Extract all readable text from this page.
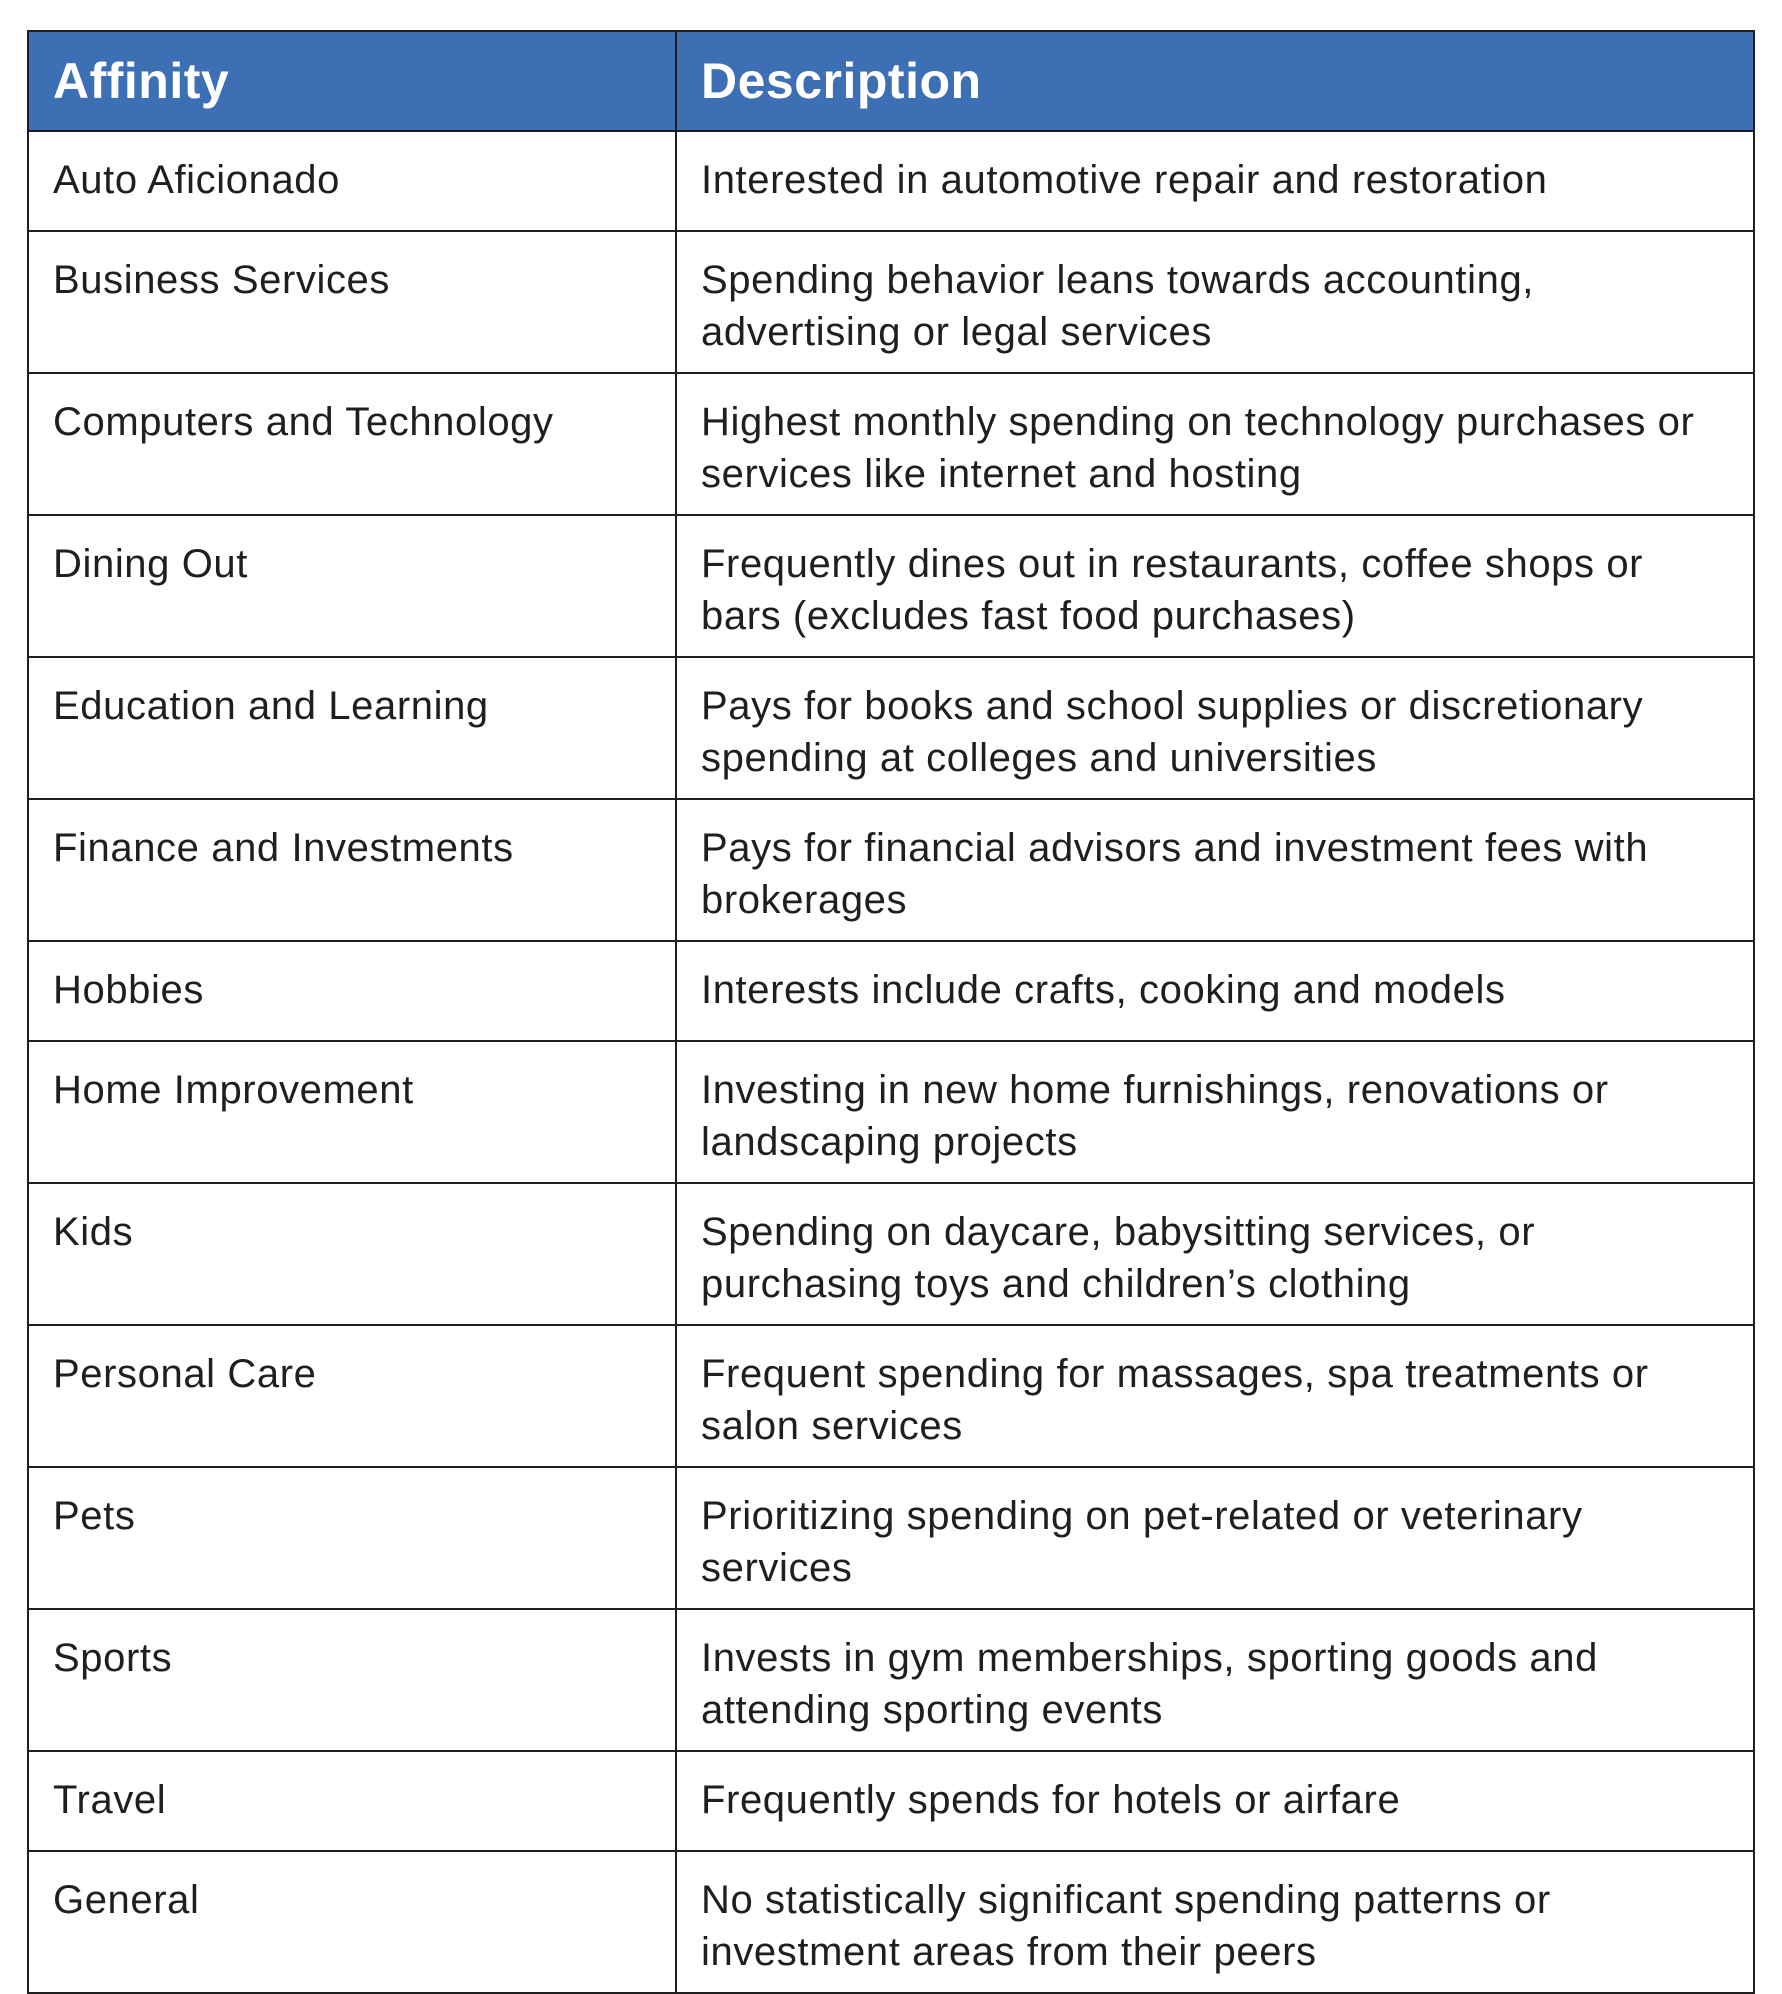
Affinity	Description
Auto Aficionado	Interested in automotive repair and restoration
Business Services	Spending behavior leans towards accounting, advertising or legal services
Computers and Technology	Highest monthly spending on technology purchases or services like internet and hosting
Dining Out	Frequently dines out in restaurants, coffee shops or bars (excludes fast food purchases)
Education and Learning	Pays for books and school supplies or discretionary spending at colleges and universities
Finance and Investments	Pays for financial advisors and investment fees with brokerages
Hobbies	Interests include crafts, cooking and models
Home Improvement	Investing in new home furnishings, renovations or landscaping projects
Kids	Spending on daycare, babysitting services, or purchasing toys and children’s clothing
Personal Care	Frequent spending for massages, spa treatments or salon services
Pets	Prioritizing spending on pet-related or veterinary services
Sports	Invests in gym memberships, sporting goods and attending sporting events
Travel	Frequently spends for hotels or airfare
General	No statistically significant spending patterns or investment areas from their peers
